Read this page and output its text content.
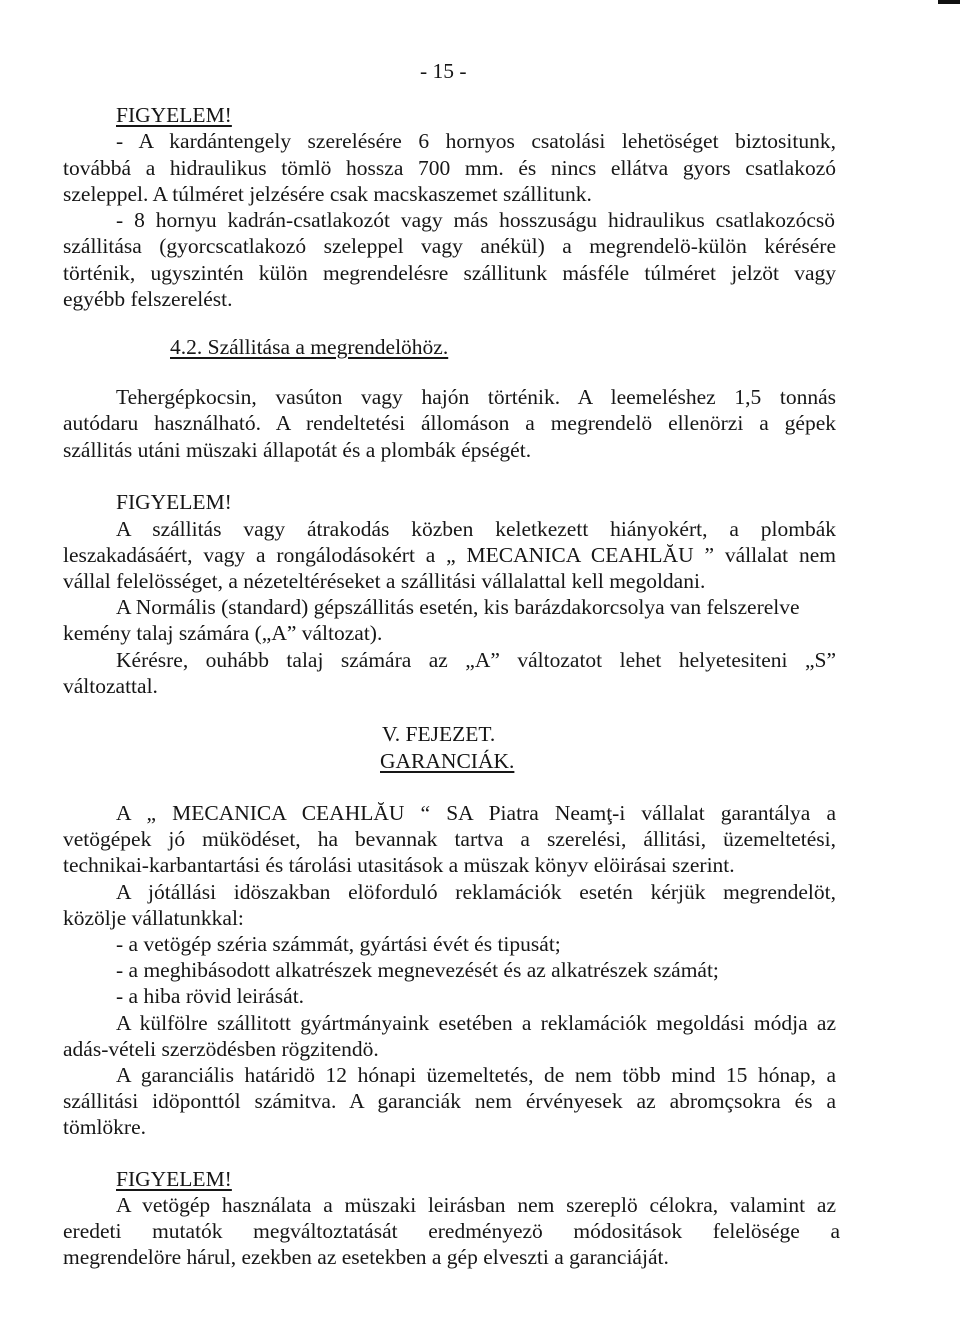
- 15 -
FIGYELEM!
- A kardántengely szerelésére 6 hornyos csatolási lehetöséget biztositunk,
továbbá a hidraulikus tömlö hossza 700 mm. és nincs ellátva gyors csatlakozó
szeleppel. A túlméret jelzésére csak macskaszemet szállitunk.
- 8 hornyu kadrán-csatlakozót vagy más hosszuságu hidraulikus csatlakozócsö
szállitása (gyorcscatlakozó szeleppel vagy anékül) a megrendelö-külön kérésére
történik, ugyszintén külön megrendelésre szállitunk másféle túlméret jelzöt vagy
egyébb felszerelést.
4.2. Szállitása a megrendelöhöz.
Tehergépkocsin, vasúton vagy hajón történik. A leemeléshez 1,5 tonnás
autódaru használható. A rendeltetési állomáson a megrendelö ellenörzi a gépek
szállitás utáni müszaki állapotát és a plombák épségét.
FIGYELEM!
A szállitás vagy átrakodás közben keletkezett hiányokért, a plombák
leszakadásáért, vagy a rongálodásokért a „ MECANICA CEAHLĂU ” vállalat nem
vállal felelösséget, a nézeteltéréseket a szállitási vállalattal kell megoldani.
A Normális (standard) gépszállitás esetén, kis barázdakorcsolya van felszerelve
kemény talaj számára („A” változat).
Kérésre, ouhább talaj számára az „A” változatot lehet helyetesiteni „S”
változattal.
V. FEJEZET.
GARANCIÁK.
A „ MECANICA CEAHLĂU “ SA Piatra Neamţ-i vállalat garantálya a
vetögépek jó müködéset, ha bevannak tartva a szerelési, állitási, üzemeltetési,
technikai-karbantartási és tárolási utasitások a müszak könyv elöirásai szerint.
A jótállási idöszakban elöforduló reklamációk esetén kérjük megrendelöt,
közölje vállatunkkal:
- a vetögép széria számmát, gyártási évét és tipusát;
- a meghibásodott alkatrészek megnevezését és az alkatrészek számát;
- a hiba rövid leirását.
A külfölre szállitott gyártmányaink esetében a reklamációk megoldási módja az
adás-vételi szerzödésben rögzitendö.
A garanciális határidö 12 hónapi üzemeltetés, de nem több mind 15 hónap, a
szállitási idöponttól számitva. A garanciák nem érvényesek az abromçsokra és a
tömlökre.
FIGYELEM!
A vetögép használata a müszaki leirásban nem szereplö célokra, valamint az
eredeti mutatók megváltoztatását eredményezö módositások felelösége a
megrendelöre hárul, ezekben az esetekben a gép elveszti a garanciáját.
